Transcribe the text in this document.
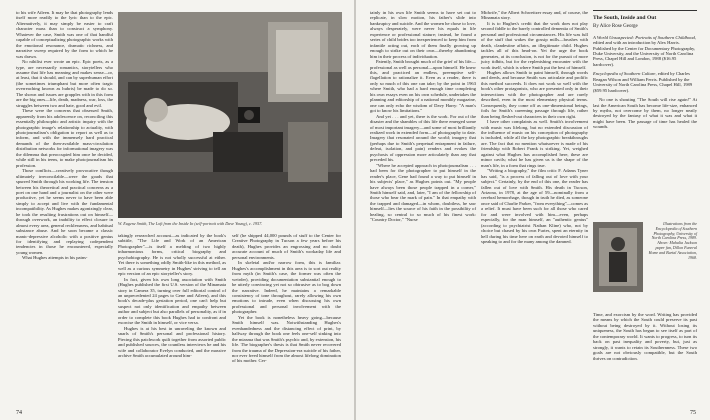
to his wife Aileen. It may be that photography lends itself more readily to the lyric than to the epic. Alternatively, it may simply be easier to craft character mass than to construct a symphony. Whatever the case, Smith was one of that handful capable of conceptualizing photographic works with the emotional resonance, dramatic richness, and narrative sweep required by the form to which he was drawn.

No nihilist ever wrote an epic. Epic poets, as a type, are necessarily romantics, storytellers who assume that life has meaning and makes sense—or, at least, that it should, and can by superhuman effort (the sometimes triumphant but more often tragic overreaching known as hubris) be made to do so. The shown and issues are grapples with in this form are the big ones—life, death, madness, war, loss, the struggles between two and hate, good and evil.

These were the concerns that obsessed Smith, apparently from his adolescence on, reconciling this essentially philosophic and artistic inquiry with the photographic image's relationship to actuality, with photojournalism's obligation to report as well as to inform, and with the immensely hard practical demands of the then-available mass-circulation distribution networks for informational imagery was the dilemma that preoccupied him once he decided, while still in his teens, to make photojournalism his profession.

Those conflicts—creatively provocative though ultimately irreconcilable—were the goads that spurred Smith through his working life. The tension between his theoretical and practical concerns as a poet on one hand and a journalist on the other were productive, yet he seems never to have been able simply to accept and live with the fundamental incompatibility. As Hughes makes agonizingly clear, he took the resulting frustrations out on himself—through overwork, an inability to effect closure in almost every area, general recklessness, and habitual substance abuse. And he soon became a classic manic-depressive alcoholic with a positive genius for identifying and replaying codependent tendencies in those he encountered, especially young women.

What Hughes attempts in his pains-

W. Eugene Smith, The Loft from the Inside In (self-portrait with Dave Young), c. 1957.

takingly researched account—as indicated by the book's subtitle, "The Life and Work of an American Photographer"—is itself a melding of two highly inharmonious forms, critical biography and psychobiography. He is not wholly successful at either. Yet there is something oddly Smith-like in this method, as well as a curious symmetry in Hughes' striving to tell an epic version of an epic storyteller's story.

In fact, given his own long association with Smith (Hughes published the first U.S. version of the Minamata story in Camera 35, turning over full editorial control of an unprecedented 24 pages to Gene and Aileen), and this book's decade-plus gestation period, one can't help but suspect not only identification and empathy between author and subject but also parallels of personality, as if in order to complete this book Hughes had to confront and exorcise the Smith in himself, or vice versa.

Hughes is at his best in unraveling the known and snarls of Smith's personal and professional history. Piecing this patchwork quilt together from assorted public and published sources, the countless interviews he and his wife and collaborator Evelyn conducted, and the massive archive Smith accumulated around him-

self (he shipped 44,000 pounds of stuff to the Center for Creative Photography in Tucson a few years before his death), Hughes provides an engrossing and no doubt accurate account of much of Smith's workaday life and personal environments.

In skeletal and/or narrow form, this is familiar. Hughes's accomplishment in this area is to sort out reality from myth (in Smith's case, the former was often the weirder), providing documentation substantial enough to be utterly convincing yet not so obtrusive as to bog down the narrative. Indeed, he maintains a remarkable consistency of tone throughout, rarely allowing his own emotions to intrude, even when discussing his own professional and personal involvement with the photographer.

Yet the book is nonetheless heavy going—because Smith himself was. Notwithstanding Hughes's evenhandedness and the distancing effect of print, by halfway through the book one feels one-self sinking into the miasma that was Smith's psychic and, by extension, his life. The biographer's thesis is that Smith never recovered from the trauma of the Depression-era suicide of his father, nor ever freed himself from the almost lifelong domination of his mother. Cer-

74

tainly in his own life Smith seems to have set out to replicate, in slow motion, his father's slide into bankruptcy and suicide. And the women he chose to love, always desperately, were never his equals in life experience or professional stature; instead, he found a series of child brides too inexperienced to keep him from infantile acting out, each of them finally growing up enough to strike out on their own—thereby abandoning him in their process of individuation.

Patently, Smith brought much of the grief of his life—professional as well as personal—upon himself. He knew this, and practiced an endless, preemptive self-flagellation to rationalize it. Even as a reader, there is only so much of this one can take; by the point in 1963 where Smith, who had a hard enough time completing his own essays even on his own schedule, undertakes the planning and editorship of a national monthly magazine, one can only echo the wisdom of Davy Harry: "A man's got to know his limitations."

And yet . . . and yet, there is the work. For out of the disaster and the shambles of this life there emerged some of most important imagery—and some of most brilliantly realized work in extended form—of photography to date. Imagery that resonated around the world; imagery that (perhaps due to Smith's perpetual entrapment in failure, defeat, isolation, and pain) renders and evokes the psychosis of oppression more articulately than any that preceded his.

"Where he accepted approach in photojournalism . . . had been for the photographer to put himself in the reader's place, Gene had found a way to put himself in his subjects' place," as Hughes points out. "My people have always been those people trapped in a corner," Smith himself said, and, later, "I am of the fellowship of those who bear the mark of pain." In that empathy with the trapped and damaged—in whom, doubtless, he saw himself—lies the source of his faith in the possibility of healing, so central to so much of his finest work: "Country Doctor," "Nurse

Midwife," the Albert Schweitzer essay and, of course, the Minamata story.

It is to Hughes's credit that the work does not play second fiddle to the barely controlled dementia of Smith's personal and professional circumstances. His life was full of the stuff that wakes the gossip mills—brushes with death, clandestine affairs, an illegitimate child. Hughes tackles all of this head-on. Yet the urge the book generates, at its conclusion, is not for the pursuit of more juicy tidbits, but for the replenishing encounter with the work itself, which is where Smith put the best of himself.

Hughes allows Smith to paint himself, through words and deeds, and because Smith was articulate and prolific this method succeeds. It does not work so well with the book's other protagonists, who are presented only in their intersections with the photographer and are rarely described, even in the most elementary physical terms. Consequently, they come off as one-dimensional beings, foils for Smith's careening passage through life, rather than being fleshed-out characters in their own right.

I have other complaints as well. Smith's involvement with music was lifelong, but no extended discussion of the influence of music on his conception of photography is included, while all the key photographic breakthroughs are. The fact that no mention whatsoever is made of his friendship with Robert Frank is striking. Yet, weighed against what Hughes has accomplished here, these are minor cavils; what he has given us is the shape of the man's life, in a form that rings true.

"Writing a biography," the film critic F. Adams Tyner has said, "is a process of falling out of love with your subject." Certainly, by the end of this one, the reader has fallen out of love with Smith. His death in Tucson, Arizona, in 1978, at the age of 59—nominally from a cerebral hemorrhage, though in truth he died, as someone once said of Charlie Parker, "from everything"—comes as a relief. It must have been such for all those who cared for and were involved with him—even, perhaps especially, for the man himself, an "authentic genius" (according to psychiatrist Nathan Kline) who, not by choice but chased by his own Furies, spent an eternity in hell during his time here on earth and devoted himself to speaking to and for the many among the damned.

The South, Inside and Out
By Alice Rose George

A World Unsuspected: Portraits of Southern Childhood, edited and with an introduction by Alex Harris. Published by the Center for Documentary Photography, Duke University, and the University of North Carolina Press, Chapel Hill and London, 1988 ($16.95 hardcover).

Encyclopedia of Southern Culture, edited by Charles Reagan Wilson and William Ferris. Published by the University of North Carolina Press, Chapel Hill, 1989 ($59.95 hardcover).

No one is shouting "The South will rise again!" At last the American South has become life-size, enhanced by myths, not overcome by them, no longer neatly destroyed by the fantasy of what it was and what it might have been. The passage of time has healed the wounds.

Illustrations from the Encyclopedia of Southern Photography, University of North Carolina Press, 1989. Above: Mahalia Jackson paper fan, Dillon Funeral Home and Burial Association, 1968.

Time, and exorcism by the word. Writing has provided the means by which the South could preserve its past without being destroyed by it. Without losing its uniqueness, the South has begun to see itself as part of the contemporary world. It wants to progress, to turn its back on past inequality and poverty, but, just as strongly, it wants to retain its Southernness. These two goals are not obviously compatible, but the South thrives on contradiction.

75
